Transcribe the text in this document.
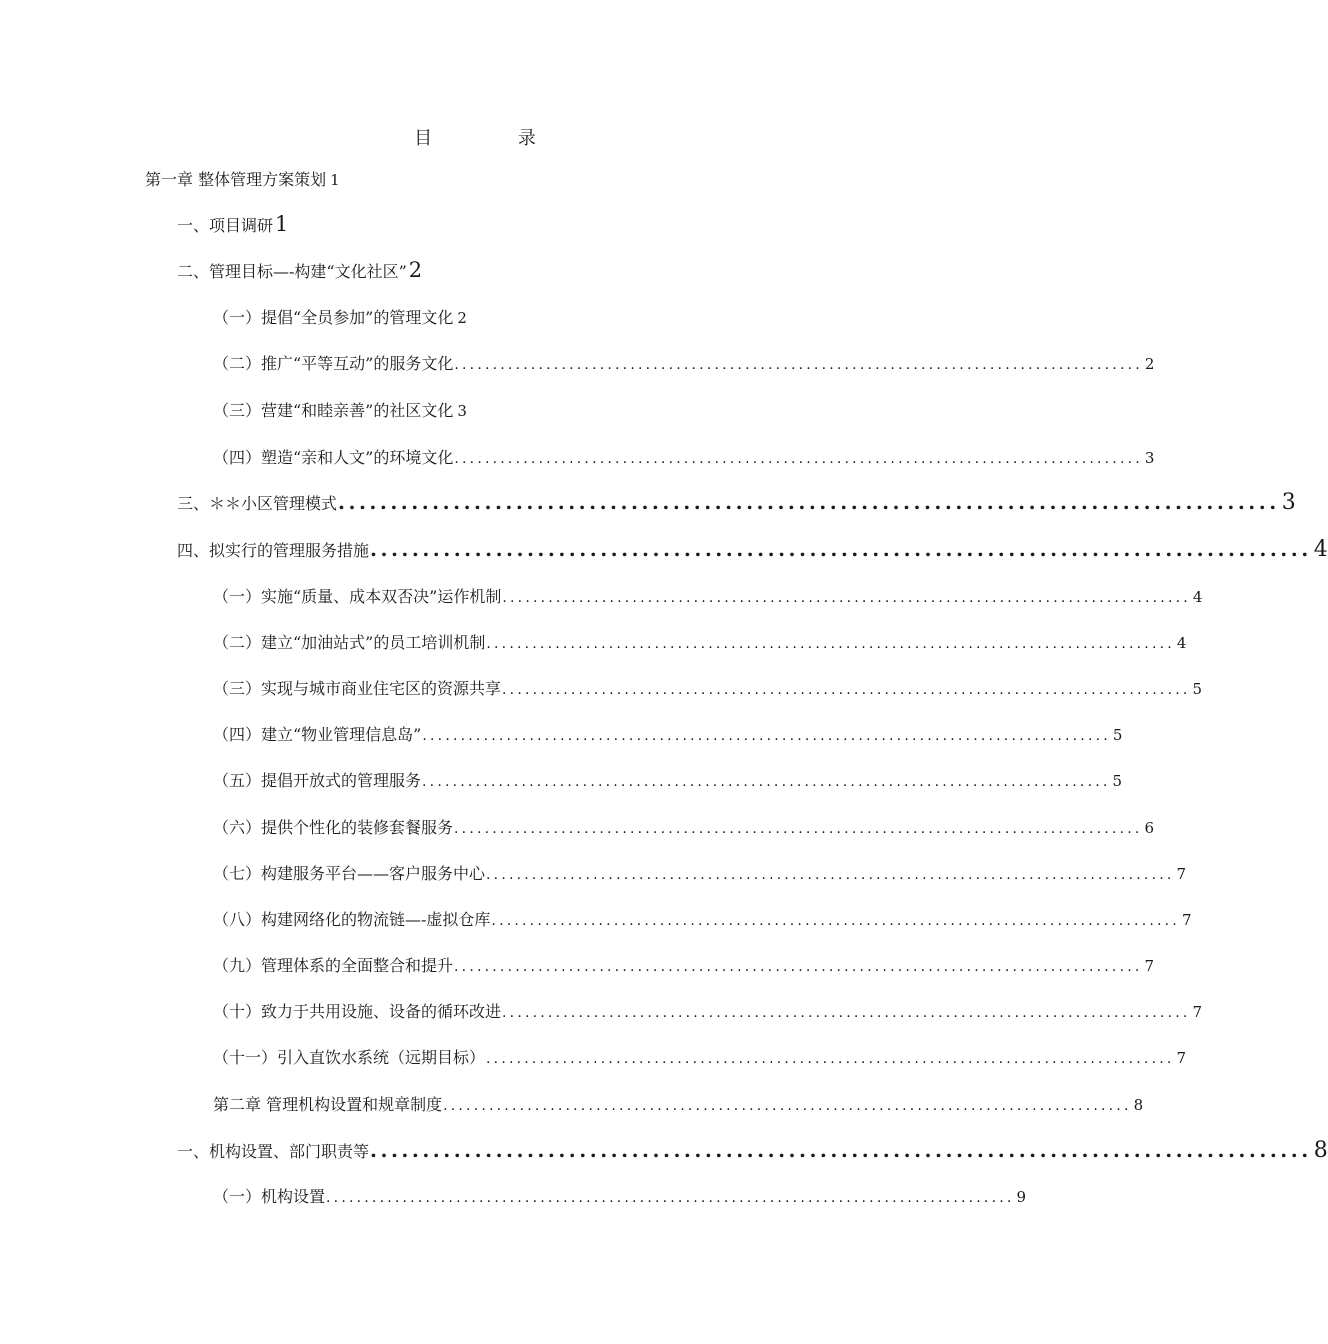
目 录
第一章 整体管理方案策划 1
一、项目调研 1
二、管理目标—-构建“文化社区” 2
（一）提倡“全员参加”的管理文化 2
（二）推广“平等互动”的服务文化 .......................................................................................... 2
（三）营建“和睦亲善”的社区文化 3
（四）塑造“亲和人文”的环境文化 .......................................................................................... 3
三、＊＊小区管理模式 .......................................................................................... 3
四、拟实行的管理服务措施 .......................................................................................... 4
（一）实施“质量、成本双否决”运作机制 .......................................................................................... 4
（二）建立“加油站式”的员工培训机制 .......................................................................................... 4
（三）实现与城市商业住宅区的资源共享 .......................................................................................... 5
（四）建立“物业管理信息岛” .......................................................................................... 5
（五）提倡开放式的管理服务 .......................................................................................... 5
（六）提供个性化的装修套餐服务 .......................................................................................... 6
（七）构建服务平台——客户服务中心 .......................................................................................... 7
（八）构建网络化的物流链—-虚拟仓库 .......................................................................................... 7
（九）管理体系的全面整合和提升 .......................................................................................... 7
（十）致力于共用设施、设备的循环改进 .......................................................................................... 7
（十一）引入直饮水系统（远期目标） .......................................................................................... 7
第二章 管理机构设置和规章制度 .......................................................................................... 8
一、机构设置、部门职责等 .......................................................................................... 8
（一）机构设置 .......................................................................................... 9
